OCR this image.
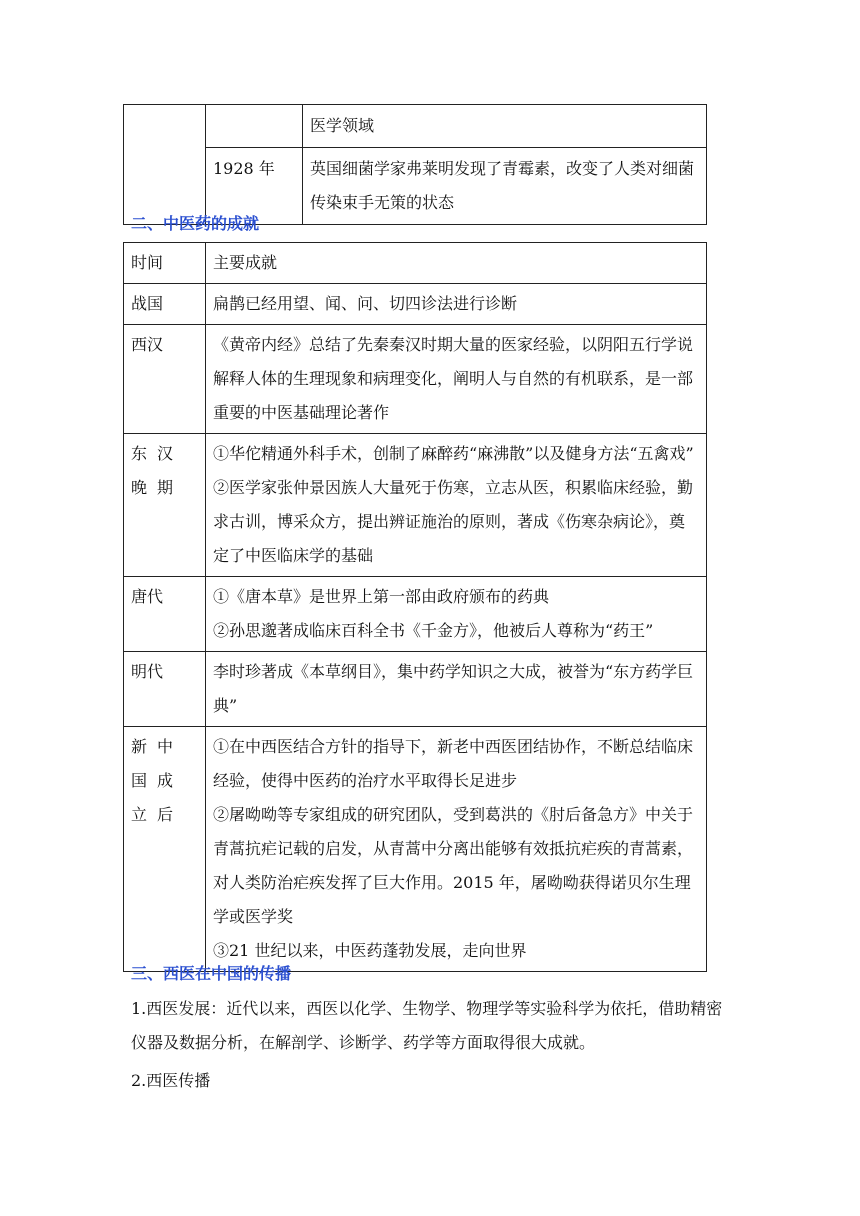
		医学领域
	1928 年	英国细菌学家弗莱明发现了青霉素，改变了人类对细菌传染束手无策的状态
二、中医药的成就
时间	主要成就
战国	扁鹊已经用望、闻、问、切四诊法进行诊断

西汉	《黄帝内经》总结了先秦秦汉时期大量的医家经验，以阴阳五行学说解释人体的生理现象和病理变化，阐明人与自然的有机联系，是一部重要的中医基础理论著作

东汉晚期	①华佗精通外科手术，创制了麻醉药“麻沸散”以及健身方法“五禽戏”
②医学家张仲景因族人大量死于伤寒，立志从医，积累临床经验，勤求古训，博采众方，提出辨证施治的原则，著成《伤寒杂病论》，奠定了中医临床学的基础

唐代	①《唐本草》是世界上第一部由政府颁布的药典
②孙思邈著成临床百科全书《千金方》，他被后人尊称为“药王”

明代	李时珍著成《本草纲目》，集中药学知识之大成，被誉为“东方药学巨典”

新中国成立后	①在中西医结合方针的指导下，新老中西医团结协作，不断总结临床经验，使得中医药的治疗水平取得长足进步
②屠呦呦等专家组成的研究团队，受到葛洪的《肘后备急方》中关于青蒿抗疟记载的启发，从青蒿中分离出能够有效抵抗疟疾的青蒿素，对人类防治疟疾发挥了巨大作用。2015 年，屠呦呦获得诺贝尔生理学或医学奖
③21 世纪以来，中医药蓬勃发展，走向世界
三、西医在中国的传播
1.西医发展：近代以来，西医以化学、生物学、物理学等实验科学为依托，借助精密仪器及数据分析，在解剖学、诊断学、药学等方面取得很大成就。
2.西医传播
